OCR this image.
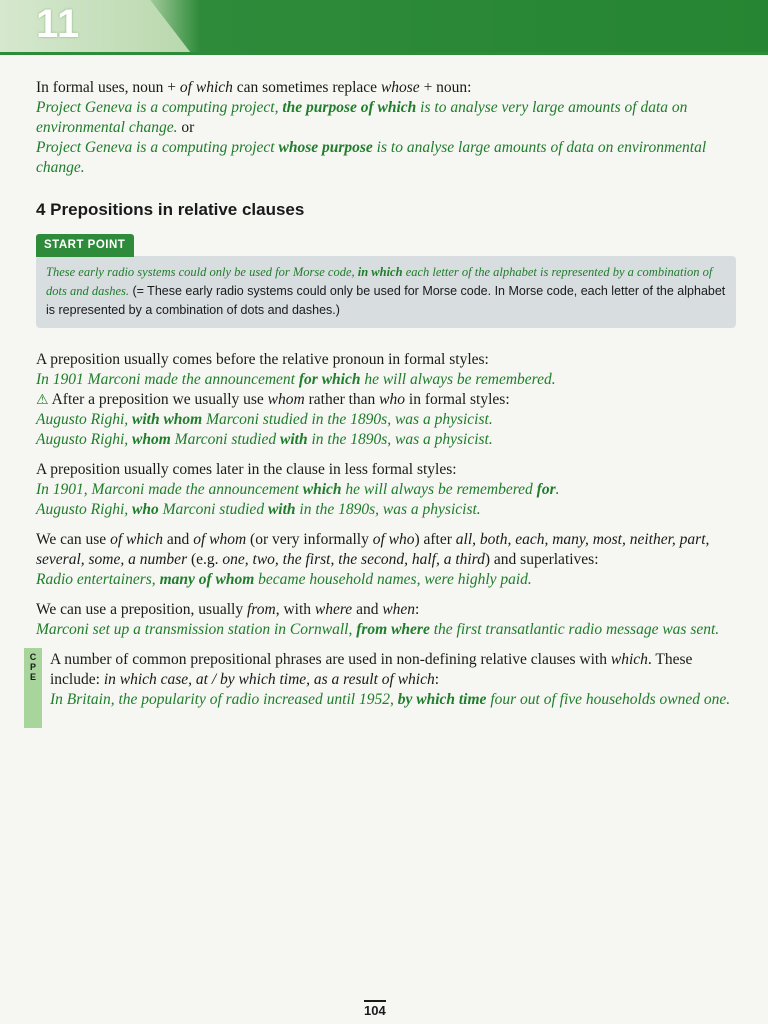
11

In formal uses, noun + of which can sometimes replace whose + noun:

Project Geneva is a computing project, the purpose of which is to analyse very large amounts of data on environmental change. or

Project Geneva is a computing project whose purpose is to analyse large amounts of data on environmental change.

4 Prepositions in relative clauses
START POINT
These early radio systems could only be used for Morse code, in which each letter of the alphabet is represented by a combination of dots and dashes. (= These early radio systems could only be used for Morse code. In Morse code, each letter of the alphabet is represented by a combination of dots and dashes.)

A preposition usually comes before the relative pronoun in formal styles:

In 1901 Marconi made the announcement for which he will always be remembered.

⚠ After a preposition we usually use whom rather than who in formal styles:

Augusto Righi, with whom Marconi studied in the 1890s, was a physicist.

Augusto Righi, whom Marconi studied with in the 1890s, was a physicist.

A preposition usually comes later in the clause in less formal styles:

In 1901, Marconi made the announcement which he will always be remembered for.

Augusto Righi, who Marconi studied with in the 1890s, was a physicist.

We can use of which and of whom (or very informally of who) after all, both, each, many, most, neither, part, several, some, a number (e.g. one, two, the first, the second, half, a third) and superlatives:

Radio entertainers, many of whom became household names, were highly paid.

We can use a preposition, usually from, with where and when:

Marconi set up a transmission station in Cornwall, from where the first transatlantic radio message was sent.

C
P
E

A number of common prepositional phrases are used in non-defining relative clauses with which. These include: in which case, at / by which time, as a result of which:

In Britain, the popularity of radio increased until 1952, by which time four out of five households owned one.

104
